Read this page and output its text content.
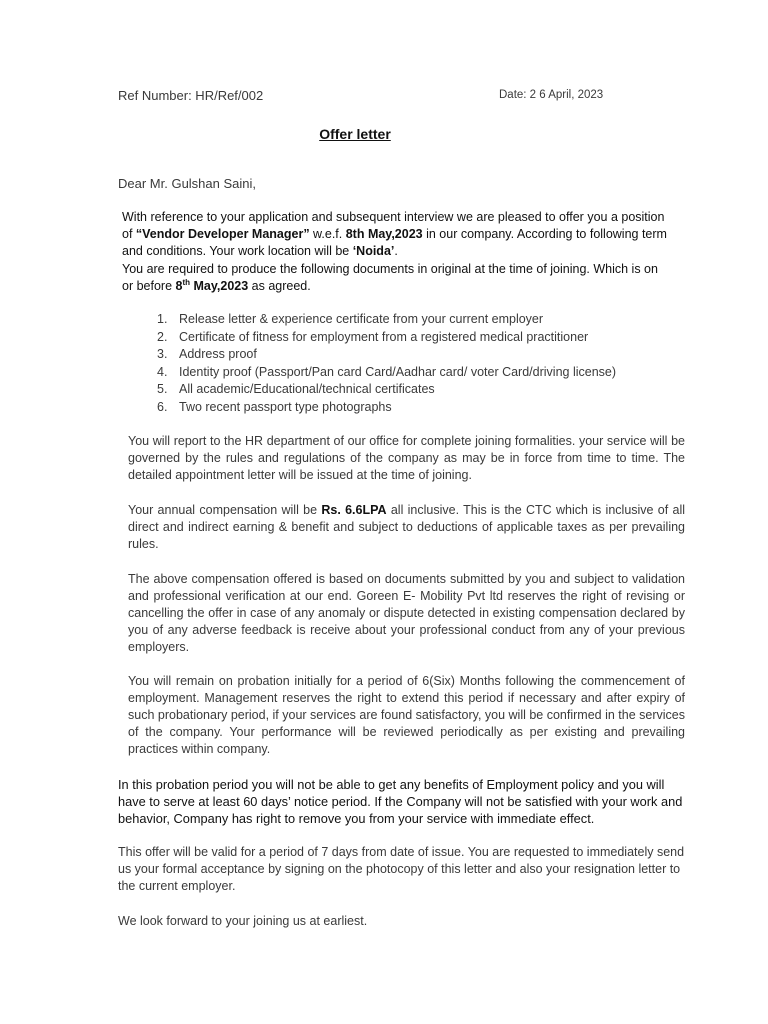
Ref Number: HR/Ref/002	Date: 2 6 April, 2023

Offer letter

Dear Mr. Gulshan Saini,

With reference to your application and subsequent interview we are pleased to offer you a position of “Vendor Developer Manager” w.e.f. 8th May,2023 in our company. According to following term and conditions. Your work location will be ‘Noida’.

You are required to produce the following documents in original at the time of joining. Which is on or before 8th May,2023 as agreed.

1. Release letter & experience certificate from your current employer
2. Certificate of fitness for employment from a registered medical practitioner
3. Address proof
4. Identity proof (Passport/Pan card Card/Aadhar card/ voter Card/driving license)
5. All academic/Educational/technical certificates
6. Two recent passport type photographs

You will report to the HR department of our office for complete joining formalities. your service will be governed by the rules and regulations of the company as may be in force from time to time. The detailed appointment letter will be issued at the time of joining.

Your annual compensation will be Rs. 6.6LPA all inclusive. This is the CTC which is inclusive of all direct and indirect earning & benefit and subject to deductions of applicable taxes as per prevailing rules.

The above compensation offered is based on documents submitted by you and subject to validation and professional verification at our end. Goreen E- Mobility Pvt ltd reserves the right of revising or cancelling the offer in case of any anomaly or dispute detected in existing compensation declared by you of any adverse feedback is receive about your professional conduct from any of your previous employers.

You will remain on probation initially for a period of 6(Six) Months following the commencement of employment. Management reserves the right to extend this period if necessary and after expiry of such probationary period, if your services are found satisfactory, you will be confirmed in the services of the company. Your performance will be reviewed periodically as per existing and prevailing practices within company.

In this probation period you will not be able to get any benefits of Employment policy and you will have to serve at least 60 days’ notice period. If the Company will not be satisfied with your work and behavior, Company has right to remove you from your service with immediate effect.

This offer will be valid for a period of 7 days from date of issue. You are requested to immediately send us your formal acceptance by signing on the photocopy of this letter and also your resignation letter to the current employer.

We look forward to your joining us at earliest.
